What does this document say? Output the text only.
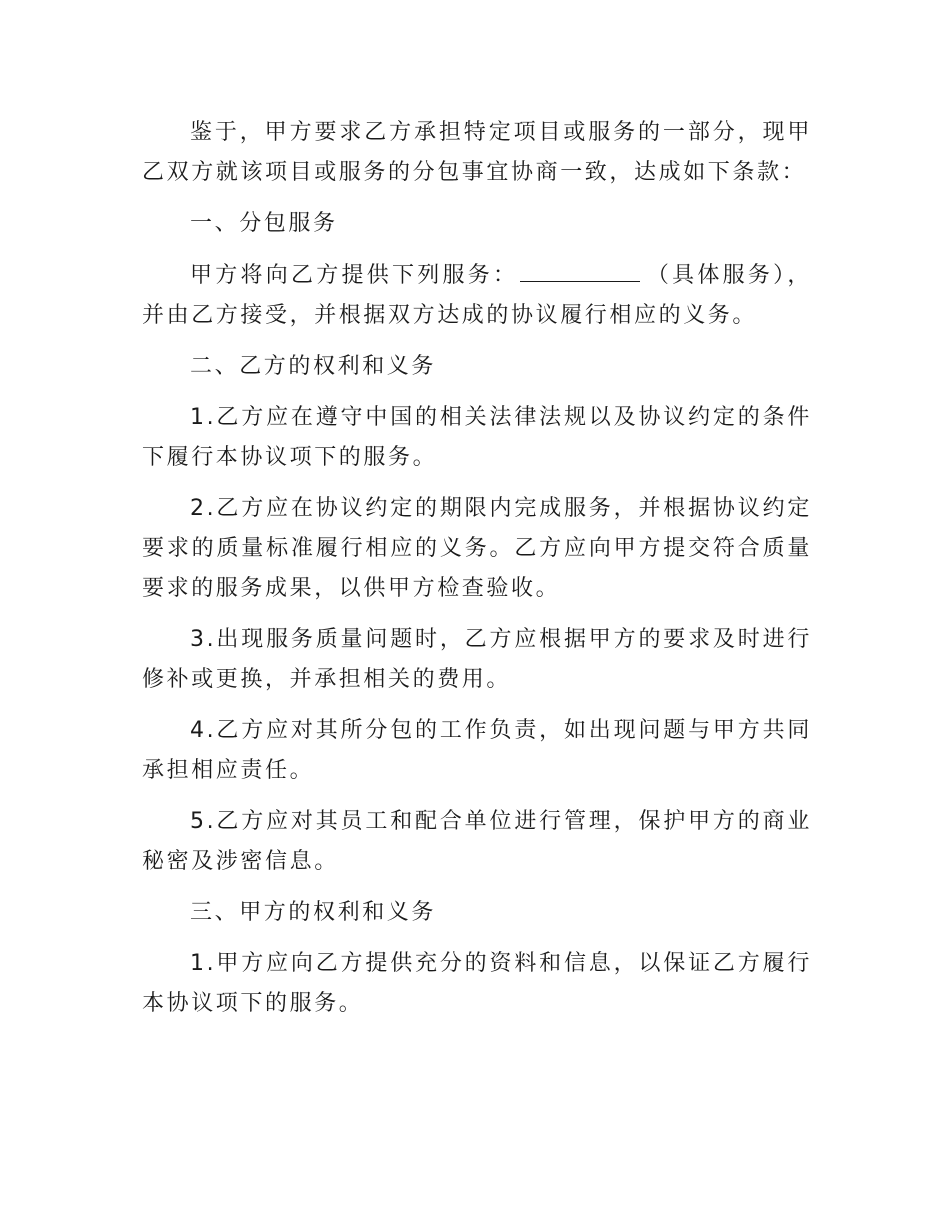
鉴于，甲方要求乙方承担特定项目或服务的一部分，现甲乙双方就该项目或服务的分包事宜协商一致，达成如下条款：

一、分包服务

甲方将向乙方提供下列服务：	（具体服务），并由乙方接受，并根据双方达成的协议履行相应的义务。

二、乙方的权利和义务

1.乙方应在遵守中国的相关法律法规以及协议约定的条件下履行本协议项下的服务。

2.乙方应在协议约定的期限内完成服务，并根据协议约定要求的质量标准履行相应的义务。乙方应向甲方提交符合质量要求的服务成果，以供甲方检查验收。

3.出现服务质量问题时，乙方应根据甲方的要求及时进行修补或更换，并承担相关的费用。

4.乙方应对其所分包的工作负责，如出现问题与甲方共同承担相应责任。

5.乙方应对其员工和配合单位进行管理，保护甲方的商业秘密及涉密信息。

三、甲方的权利和义务

1.甲方应向乙方提供充分的资料和信息，以保证乙方履行本协议项下的服务。
